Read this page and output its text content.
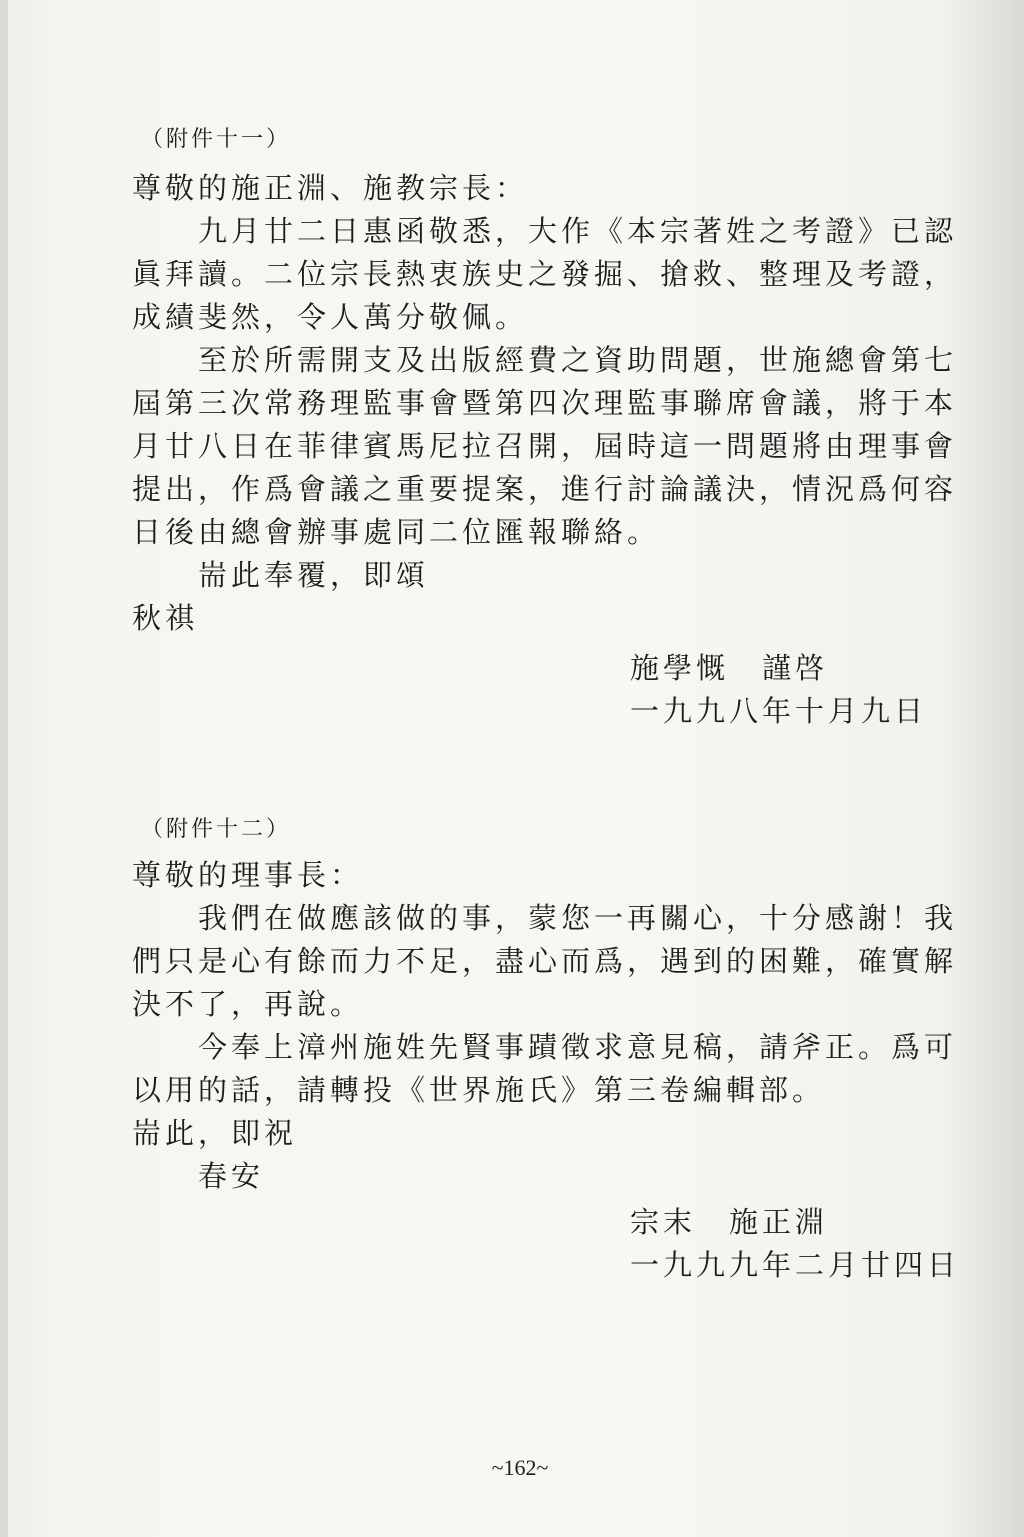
（附件十一）
尊敬的施正淵、施教宗長：
九月廿二日惠函敬悉，大作《本宗著姓之考證》已認
眞拜讀。二位宗長熱衷族史之發掘、搶救、整理及考證，
成績斐然，令人萬分敬佩。
至於所需開支及出版經費之資助問題，世施總會第七
屆第三次常務理監事會暨第四次理監事聯席會議，將于本
月廿八日在菲律賓馬尼拉召開，屆時這一問題將由理事會
提出，作爲會議之重要提案，進行討論議決，情況爲何容
日後由總會辦事處同二位匯報聯絡。
耑此奉覆，即頌
秋祺
施學慨　謹啓
一九九八年十月九日
（附件十二）
尊敬的理事長：
我們在做應該做的事，蒙您一再關心，十分感謝！我
們只是心有餘而力不足，盡心而爲，遇到的困難，確實解
決不了，再說。
今奉上漳州施姓先賢事蹟徵求意見稿，請斧正。爲可
以用的話，請轉投《世界施氏》第三卷編輯部。
耑此，即祝
春安
宗末　施正淵
一九九九年二月廿四日
~162~
